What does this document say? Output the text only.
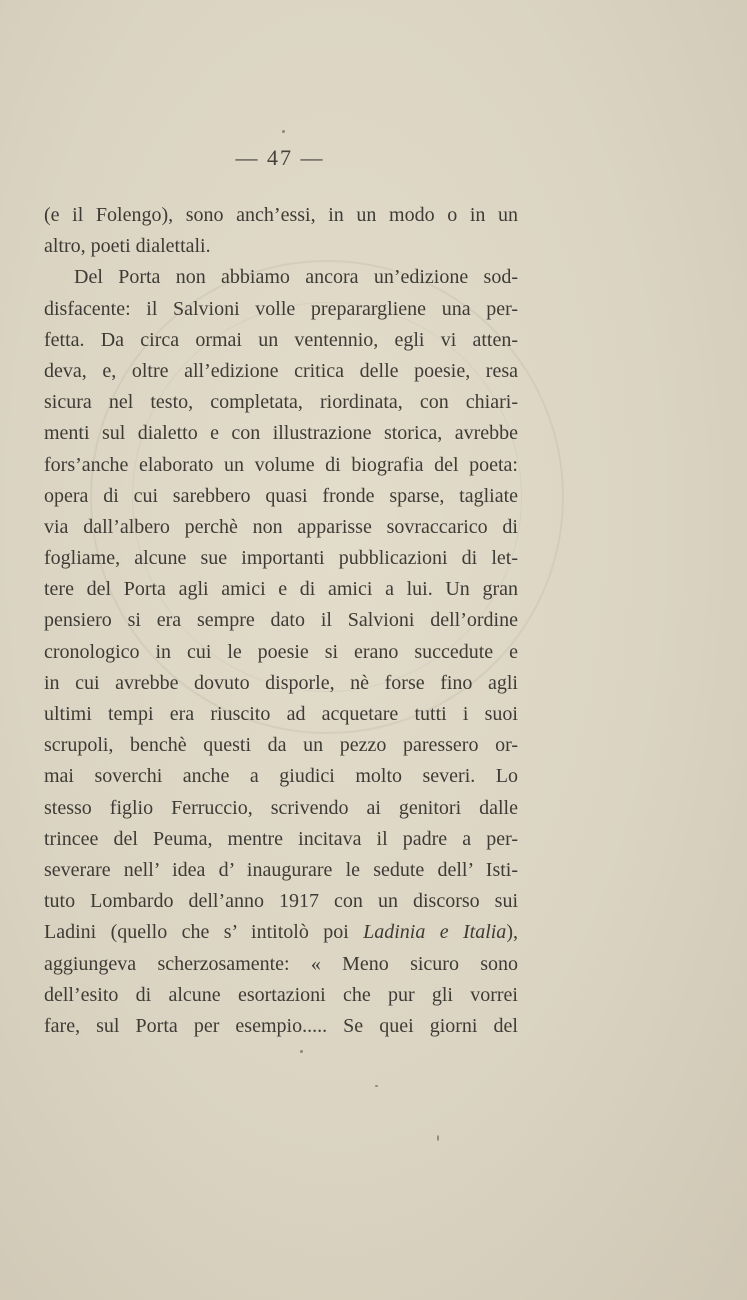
— 47 —
(e il Folengo), sono anch’essi, in un modo o in un
altro, poeti dialettali.
Del Porta non abbiamo ancora un’edizione sod-
disfacente: il Salvioni volle preparargliene una per-
fetta. Da circa ormai un ventennio, egli vi atten-
deva, e, oltre all’edizione critica delle poesie, resa
sicura nel testo, completata, riordinata, con chiari-
menti sul dialetto e con illustrazione storica, avrebbe
fors’anche elaborato un volume di biografia del poeta:
opera di cui sarebbero quasi fronde sparse, tagliate
via dall’albero perchè non apparisse sovraccarico di
fogliame, alcune sue importanti pubblicazioni di let-
tere del Porta agli amici e di amici a lui. Un gran
pensiero si era sempre dato il Salvioni dell’ordine
cronologico in cui le poesie si erano succedute e
in cui avrebbe dovuto disporle, nè forse fino agli
ultimi tempi era riuscito ad acquetare tutti i suoi
scrupoli, benchè questi da un pezzo paressero or-
mai soverchi anche a giudici molto severi. Lo
stesso figlio Ferruccio, scrivendo ai genitori dalle
trincee del Peuma, mentre incitava il padre a per-
severare nell’ idea d’ inaugurare le sedute dell’ Isti-
tuto Lombardo dell’anno 1917 con un discorso sui
Ladini (quello che s’ intitolò poi Ladinia e Italia),
aggiungeva scherzosamente: « Meno sicuro sono
dell’esito di alcune esortazioni che pur gli vorrei
fare, sul Porta per esempio..... Se quei giorni del
